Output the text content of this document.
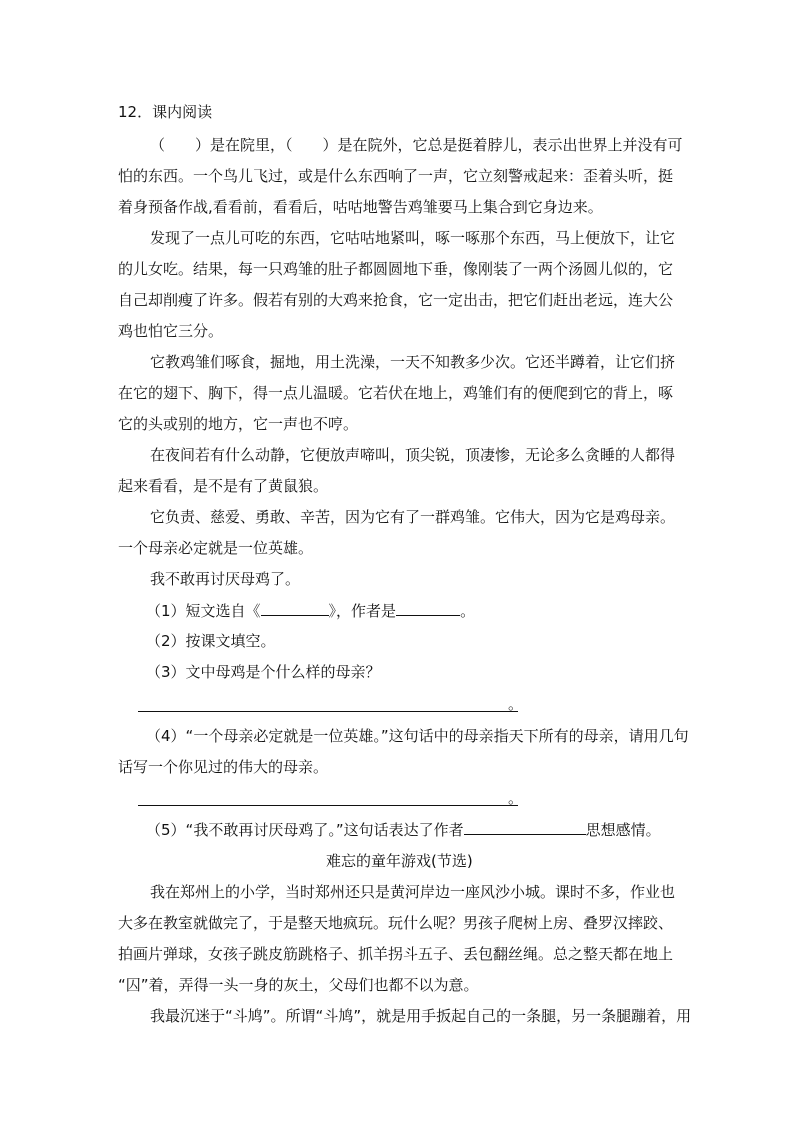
12．课内阅读
（　　）是在院里，（　　）是在院外，它总是挺着脖儿，表示出世界上并没有可
怕的东西。一个鸟儿飞过，或是什么东西响了一声，它立刻警戒起来：歪着头听，挺
着身预备作战,看看前，看看后，咕咕地警告鸡雏要马上集合到它身边来。
发现了一点儿可吃的东西，它咕咕地紧叫，啄一啄那个东西，马上便放下，让它
的儿女吃。结果，每一只鸡雏的肚子都圆圆地下垂，像刚装了一两个汤圆儿似的，它
自己却削瘦了许多。假若有别的大鸡来抢食，它一定出击，把它们赶出老远，连大公
鸡也怕它三分。
它教鸡雏们啄食，掘地，用土洗澡，一天不知教多少次。它还半蹲着，让它们挤
在它的翅下、胸下，得一点儿温暖。它若伏在地上，鸡雏们有的便爬到它的背上，啄
它的头或别的地方，它一声也不哼。
在夜间若有什么动静，它便放声啼叫，顶尖锐，顶凄惨，无论多么贪睡的人都得
起来看看，是不是有了黄鼠狼。
它负责、慈爱、勇敢、辛苦，因为它有了一群鸡雏。它伟大，因为它是鸡母亲。
一个母亲必定就是一位英雄。
我不敢再讨厌母鸡了。
（1）短文选自《	》，作者是	。
（2）按课文填空。
（3）文中母鸡是个什么样的母亲？
。
（4）“一个母亲必定就是一位英雄。”这句话中的母亲指天下所有的母亲，请用几句
话写一个你见过的伟大的母亲。
。
（5）“我不敢再讨厌母鸡了。”这句话表达了作者	思想感情。
难忘的童年游戏(节选)
我在郑州上的小学，当时郑州还只是黄河岸边一座风沙小城。课时不多，作业也
大多在教室就做完了，于是整天地疯玩。玩什么呢？男孩子爬树上房、叠罗汉摔跤、
拍画片弹球，女孩子跳皮筋跳格子、抓羊拐斗五子、丢包翻丝绳。总之整天都在地上
“囚”着，弄得一头一身的灰土，父母们也都不以为意。
我最沉迷于“斗鸠”。所谓“斗鸠”，就是用手扳起自己的一条腿，另一条腿蹦着，用
